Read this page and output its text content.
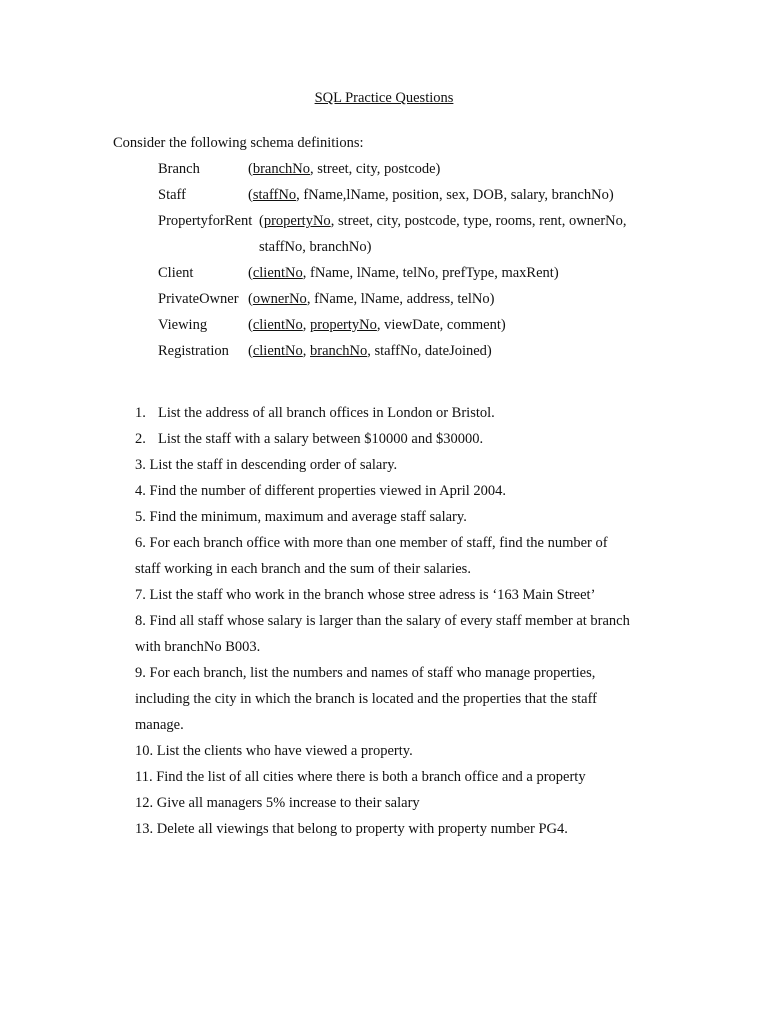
SQL Practice Questions
Consider the following schema definitions:
Branch	(branchNo, street, city, postcode)
Staff	(staffNo, fName,lName, position, sex, DOB, salary, branchNo)
PropertyforRent (propertyNo, street, city, postcode, type, rooms, rent, ownerNo,
staffNo, branchNo)
Client	(clientNo, fName, lName, telNo, prefType, maxRent)
PrivateOwner (ownerNo, fName, lName, address, telNo)
Viewing	(clientNo, propertyNo, viewDate, comment)
Registration (clientNo, branchNo, staffNo, dateJoined)
1. List the address of all branch offices in London or Bristol.
2. List the staff with a salary between $10000 and $30000.
3. List the staff in descending order of salary.
4. Find the number of different properties viewed in April 2004.
5. Find the minimum, maximum and average staff salary.
6. For each branch office with more than one member of staff, find the number of
staff working in each branch and the sum of their salaries.
7. List the staff who work in the branch whose stree adress is ‘163 Main Street’
8. Find all staff whose salary is larger than the salary of every staff member at branch
with branchNo B003.
9. For each branch, list the numbers and names of staff who manage properties,
including the city in which the branch is located and the properties that the staff
manage.
10. List the clients who have viewed a property.
11. Find the list of all cities where there is both a branch office and a property
12. Give all managers 5% increase to their salary
13. Delete all viewings that belong to property with property number PG4.
